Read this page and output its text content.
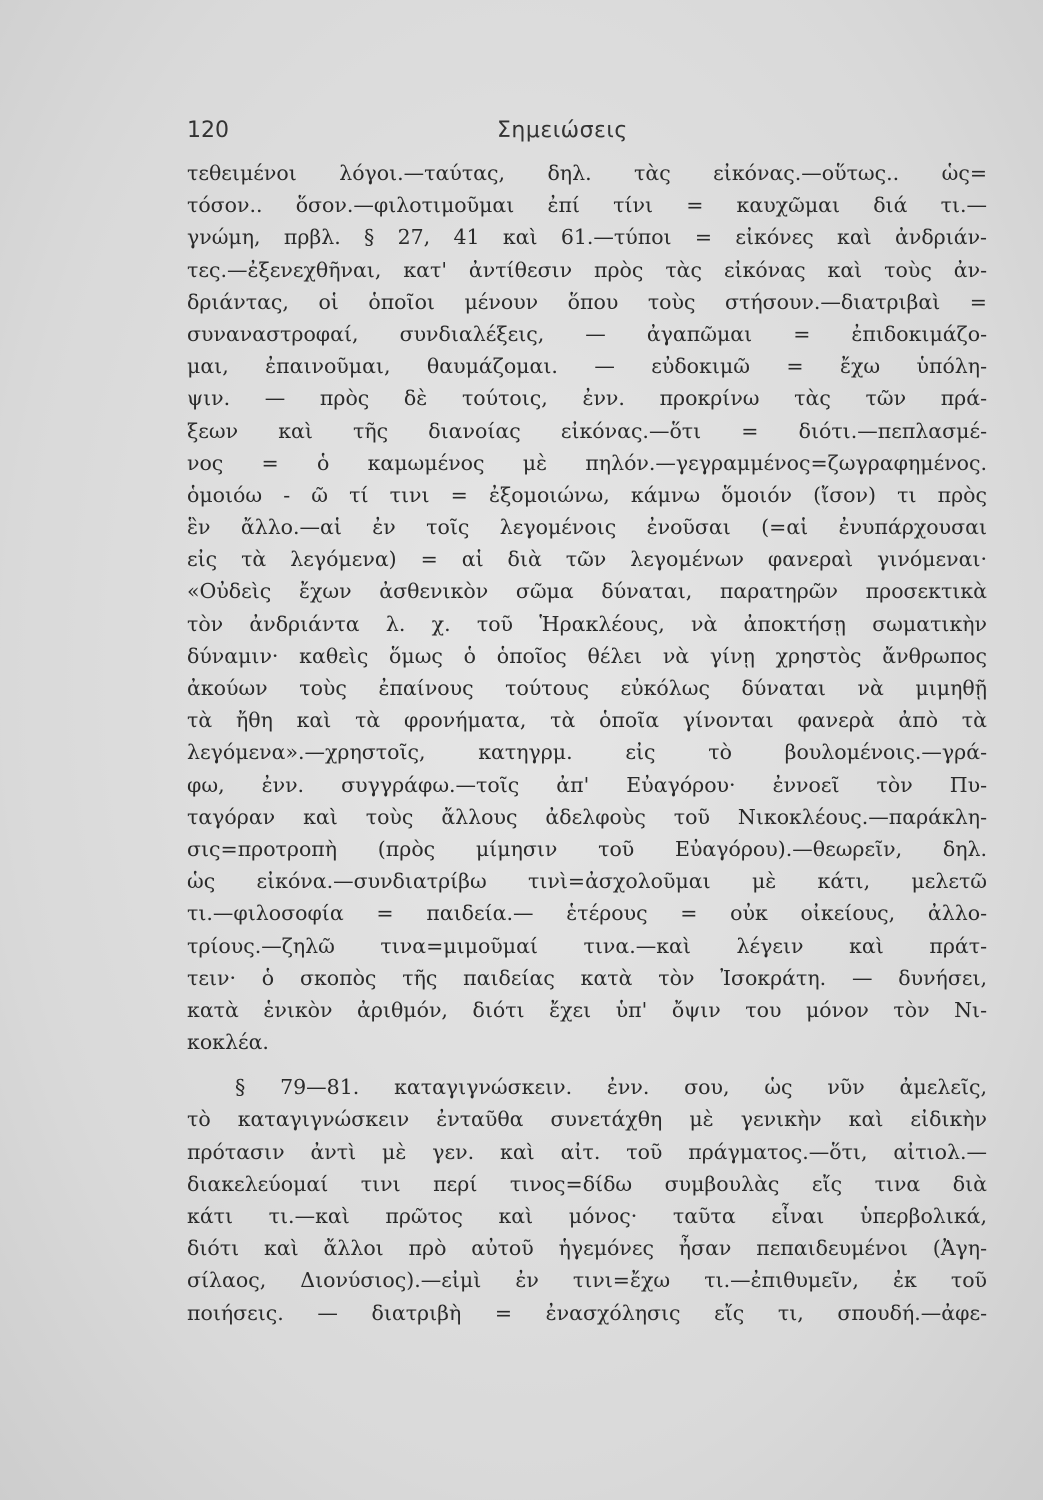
120	Σημειώσεις
τεθειμένοι λόγοι.—ταύτας, δηλ. τὰς εἰκόνας.—οὕτως.. ὡς=
τόσον.. ὅσον.—φιλοτιμοῦμαι ἐπί τίνι = καυχῶμαι διά τι.—
γνώμη, πρβλ. § 27, 41 καὶ 61.—τύποι = εἰκόνες καὶ ἀνδριάν-
τες.—ἐξενεχθῆναι, κατ' ἀντίθεσιν πρὸς τὰς εἰκόνας καὶ τοὺς ἀν-
δριάντας, οἱ ὁποῖοι μένουν ὅπου τοὺς στήσουν.—διατριβαὶ =
συναναστροφαί, συνδιαλέξεις, — ἀγαπῶμαι = ἐπιδοκιμάζο-
μαι, ἐπαινοῦμαι, θαυμάζομαι. — εὐδοκιμῶ = ἔχω ὑπόλη-
ψιν. — πρὸς δὲ τούτοις, ἐνν. προκρίνω τὰς τῶν πρά-
ξεων καὶ τῆς διανοίας εἰκόνας.—ὅτι = διότι.—πεπλασμέ-
νος = ὁ καμωμένος μὲ πηλόν.—γεγραμμένος=ζωγραφημένος.
ὁμοιόω - ῶ τί τινι = ἐξομοιώνω, κάμνω ὅμοιόν (ἴσον) τι πρὸς
ἓν ἄλλο.—αἱ ἐν τοῖς λεγομένοις ἐνοῦσαι (=αἱ ἐνυπάρχουσαι
εἰς τὰ λεγόμενα) = αἱ διὰ τῶν λεγομένων φανεραὶ γινόμεναι·
«Οὐδεὶς ἔχων ἀσθενικὸν σῶμα δύναται, παρατηρῶν προσεκτικὰ
τὸν ἀνδριάντα λ. χ. τοῦ Ἡρακλέους, νὰ ἀποκτήσῃ σωματικὴν
δύναμιν· καθεὶς ὅμως ὁ ὁποῖος θέλει νὰ γίνῃ χρηστὸς ἄνθρωπος
ἀκούων τοὺς ἐπαίνους τούτους εὐκόλως δύναται νὰ μιμηθῇ
τὰ ἤθη καὶ τὰ φρονήματα, τὰ ὁποῖα γίνονται φανερὰ ἀπὸ τὰ
λεγόμενα».—χρηστοῖς, κατηγρμ. εἰς τὸ βουλομένοις.—γρά-
φω, ἐνν. συγγράφω.—τοῖς ἀπ' Εὐαγόρου· ἐννοεῖ τὸν Πυ-
ταγόραν καὶ τοὺς ἄλλους ἀδελφοὺς τοῦ Νικοκλέους.—παράκλη-
σις=προτροπὴ (πρὸς μίμησιν τοῦ Εὐαγόρου).—θεωρεῖν, δηλ.
ὡς εἰκόνα.—συνδιατρίβω τινὶ=ἀσχολοῦμαι μὲ κάτι, μελετῶ
τι.—φιλοσοφία = παιδεία.— ἑτέρους = οὐκ οἰκείους, ἀλλο-
τρίους.—ζηλῶ τινα=μιμοῦμαί τινα.—καὶ λέγειν καὶ πράτ-
τειν· ὁ σκοπὸς τῆς παιδείας κατὰ τὸν Ἰσοκράτη. — δυνήσει,
κατὰ ἑνικὸν ἀριθμόν, διότι ἔχει ὑπ' ὄψιν του μόνον τὸν Νι-
κοκλέα.
§ 79—81. καταγιγνώσκειν. ἐνν. σου, ὡς νῦν ἀμελεῖς,
τὸ καταγιγνώσκειν ἐνταῦθα συνετάχθη μὲ γενικὴν καὶ εἰδικὴν
πρότασιν ἀντὶ μὲ γεν. καὶ αἰτ. τοῦ πράγματος.—ὅτι, αἰτιολ.—
διακελεύομαί τινι περί τινος=δίδω συμβουλὰς εἴς τινα διὰ
κάτι τι.—καὶ πρῶτος καὶ μόνος· ταῦτα εἶναι ὑπερβολικά,
διότι καὶ ἄλλοι πρὸ αὐτοῦ ἡγεμόνες ἦσαν πεπαιδευμένοι (Ἀγη-
σίλαος, Διονύσιος).—εἰμὶ ἐν τινι=ἔχω τι.—ἐπιθυμεῖν, ἐκ τοῦ
ποιήσεις. — διατριβὴ = ἐνασχόλησις εἴς τι, σπουδή.—ἀφε-
